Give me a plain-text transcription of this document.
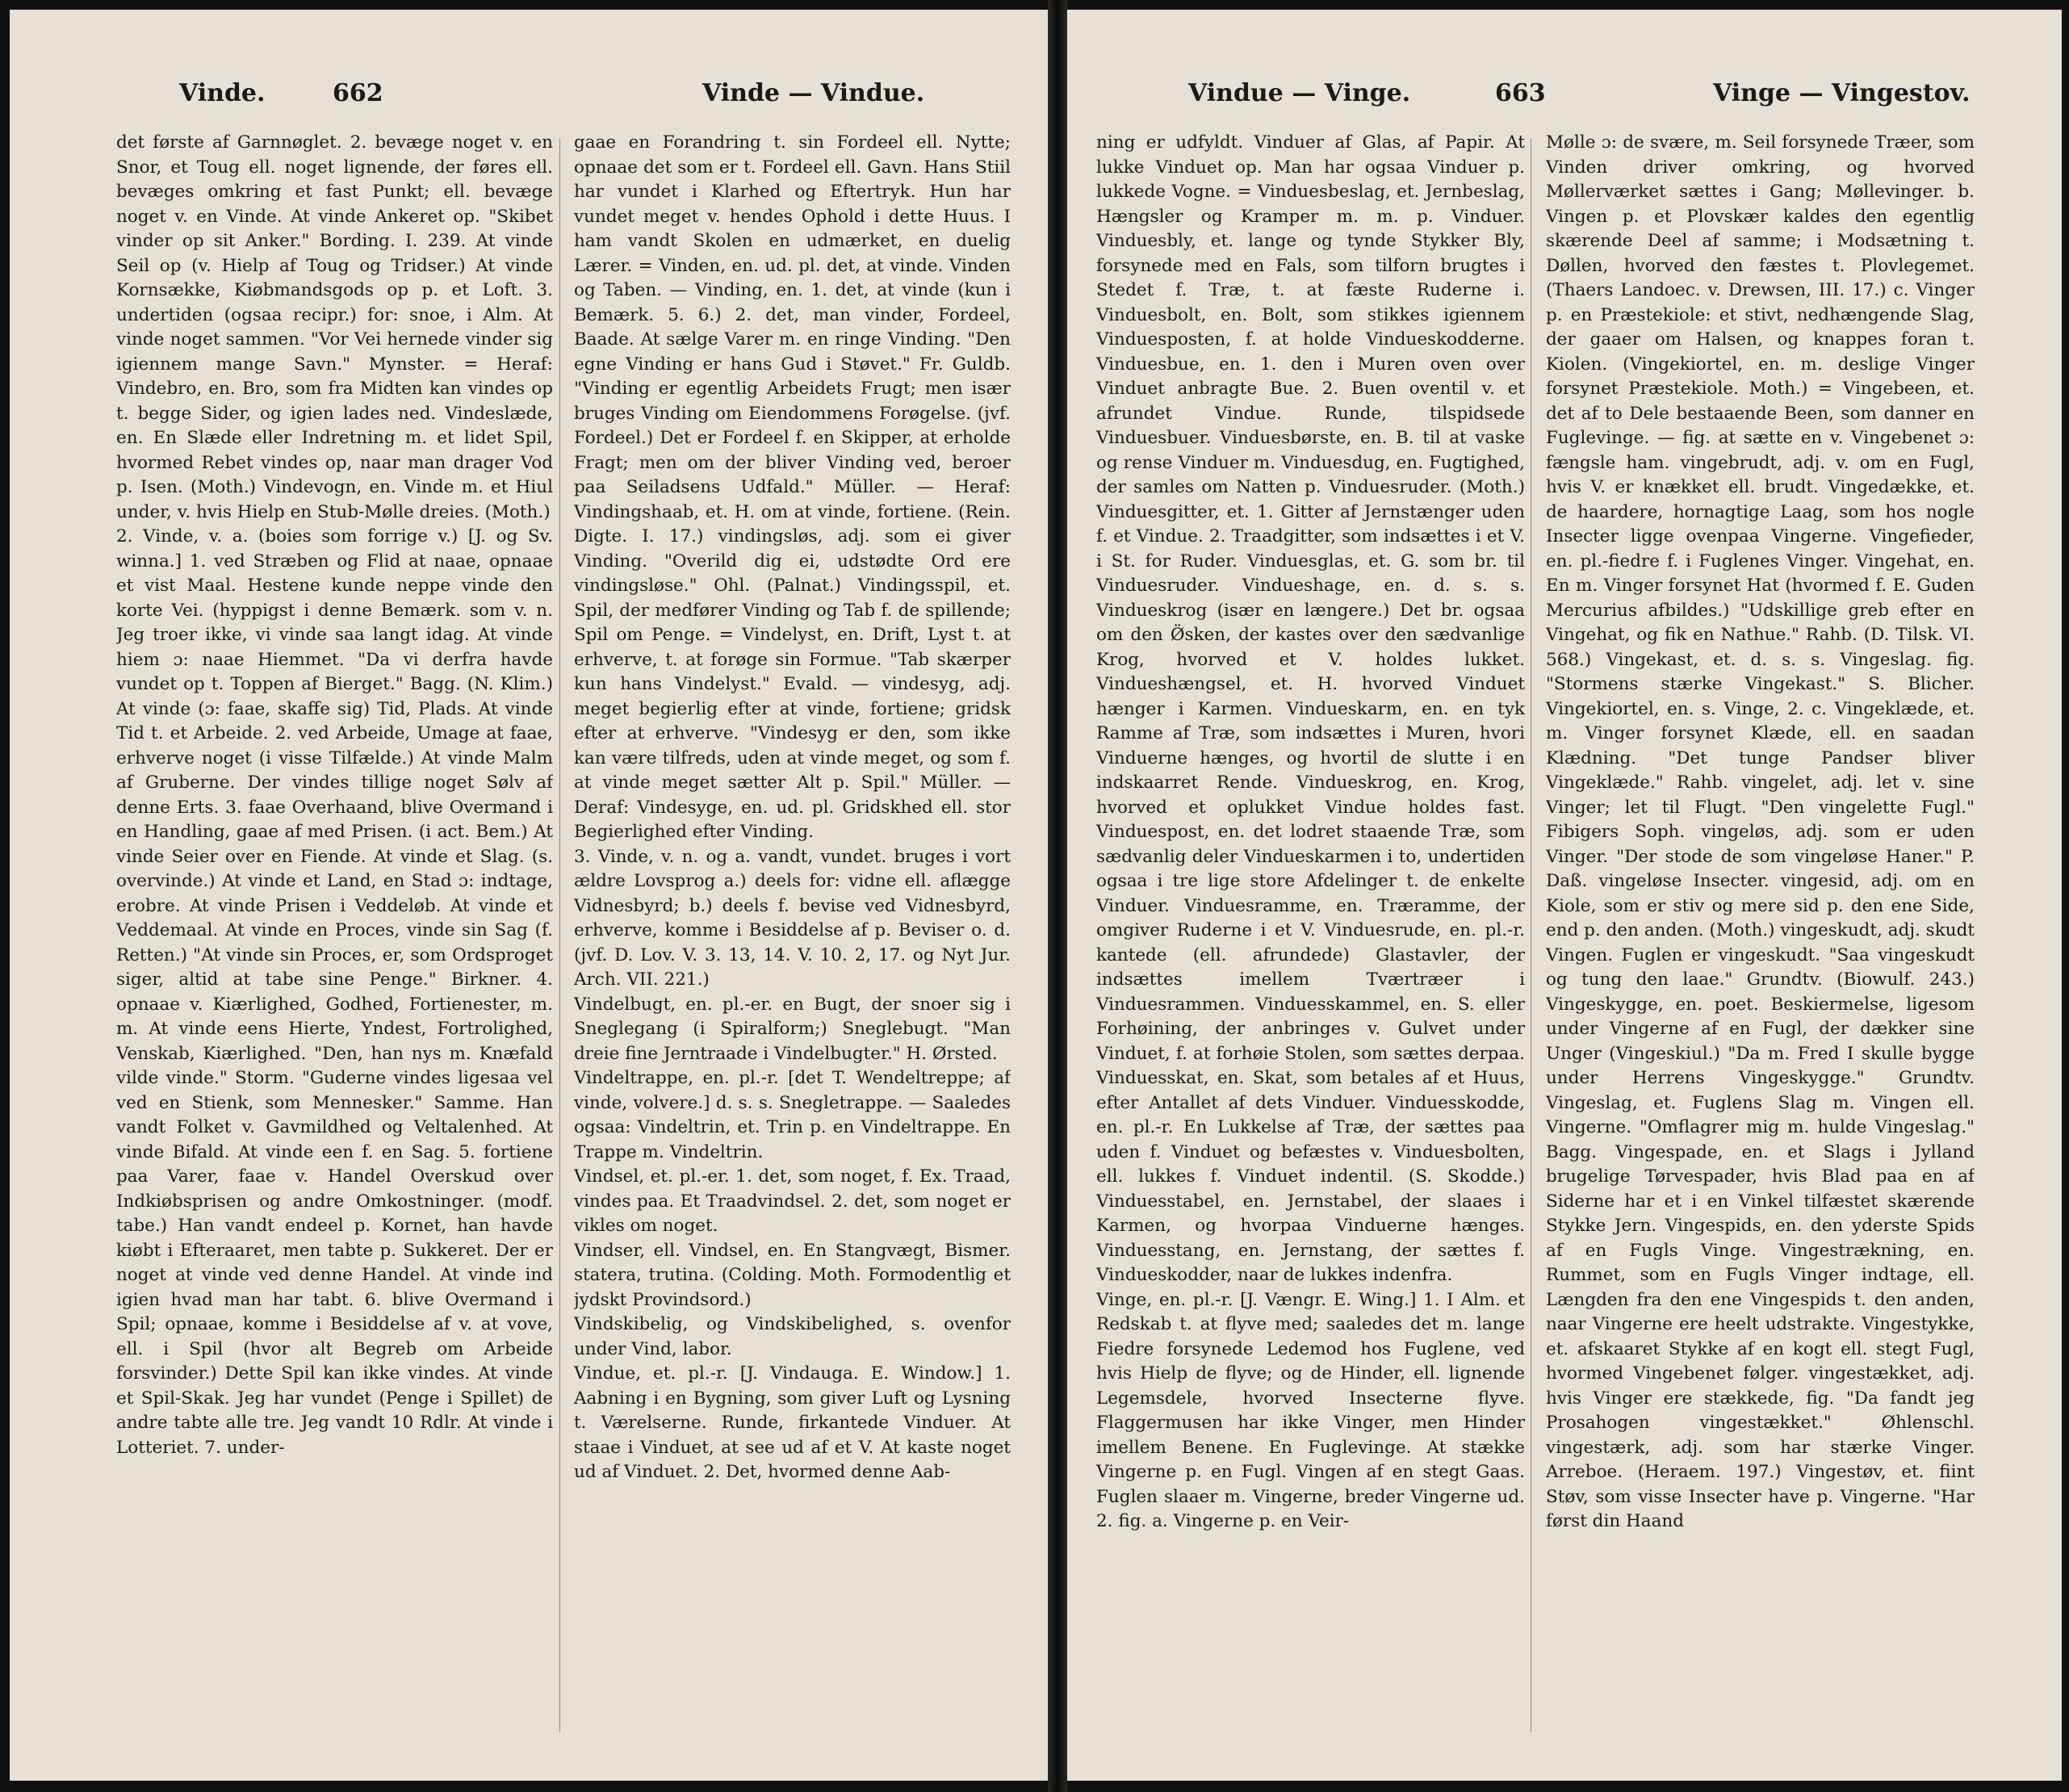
Vinde.	662	Vinde — Vindue.

det første af Garnnøglet. 2. bevæge noget v. en Snor, et Toug ell. noget lignende, der føres ell. bevæges omkring et fast Punkt; ell. bevæge noget v. en Vinde. At vinde Ankeret op. "Skibet vinder op sit Anker." Bording. I. 239. At vinde Seil op (v. Hielp af Toug og Tridser.) At vinde Kornsække, Kiøbmandsgods op p. et Loft. 3. undertiden (ogsaa recipr.) for: snoe, i Alm. At vinde noget sammen. "Vor Vei hernede vinder sig igiennem mange Savn." Mynster. = Heraf: Vindebro, en. Bro, som fra Midten kan vindes op t. begge Sider, og igien lades ned. Vindeslæde, en. En Slæde eller Indretning m. et lidet Spil, hvormed Rebet vindes op, naar man drager Vod p. Isen. (Moth.) Vindevogn, en. Vinde m. et Hiul under, v. hvis Hielp en Stub-Mølle dreies. (Moth.)

2. Vinde, v. a. (boies som forrige v.) [J. og Sv. winna.] 1. ved Stræben og Flid at naae, opnaae et vist Maal. Hestene kunde neppe vinde den korte Vei. (hyppigst i denne Bemærk. som v. n. Jeg troer ikke, vi vinde saa langt idag. At vinde hiem ɔ: naae Hiemmet. "Da vi derfra havde vundet op t. Toppen af Bierget." Bagg. (N. Klim.) At vinde (ɔ: faae, skaffe sig) Tid, Plads. At vinde Tid t. et Arbeide. 2. ved Arbeide, Umage at faae, erhverve noget (i visse Tilfælde.) At vinde Malm af Gruberne. Der vindes tillige noget Sølv af denne Erts. 3. faae Overhaand, blive Overmand i en Handling, gaae af med Prisen. (i act. Bem.) At vinde Seier over en Fiende. At vinde et Slag. (s. overvinde.) At vinde et Land, en Stad ɔ: indtage, erobre. At vinde Prisen i Veddeløb. At vinde et Veddemaal. At vinde en Proces, vinde sin Sag (f. Retten.) "At vinde sin Proces, er, som Ordsproget siger, altid at tabe sine Penge." Birkner. 4. opnaae v. Kiærlighed, Godhed, Fortienester, m. m. At vinde eens Hierte, Yndest, Fortrolighed, Venskab, Kiærlighed. "Den, han nys m. Knæfald vilde vinde." Storm. "Guderne vindes ligesaa vel ved en Stienk, som Mennesker." Samme. Han vandt Folket v. Gavmildhed og Veltalenhed. At vinde Bifald. At vinde een f. en Sag. 5. fortiene paa Varer, faae v. Handel Overskud over Indkiøbsprisen og andre Omkostninger. (modf. tabe.) Han vandt endeel p. Kornet, han havde kiøbt i Efteraaret, men tabte p. Sukkeret. Der er noget at vinde ved denne Handel. At vinde ind igien hvad man har tabt. 6. blive Overmand i Spil; opnaae, komme i Besiddelse af v. at vove, ell. i Spil (hvor alt Begreb om Arbeide forsvinder.) Dette Spil kan ikke vindes. At vinde et Spil-Skak. Jeg har vundet (Penge i Spillet) de andre tabte alle tre. Jeg vandt 10 Rdlr. At vinde i Lotteriet. 7. under-

gaae en Forandring t. sin Fordeel ell. Nytte; opnaae det som er t. Fordeel ell. Gavn. Hans Stiil har vundet i Klarhed og Eftertryk. Hun har vundet meget v. hendes Ophold i dette Huus. I ham vandt Skolen en udmærket, en duelig Lærer. = Vinden, en. ud. pl. det, at vinde. Vinden og Taben. — Vinding, en. 1. det, at vinde (kun i Bemærk. 5. 6.) 2. det, man vinder, Fordeel, Baade. At sælge Varer m. en ringe Vinding. "Den egne Vinding er hans Gud i Støvet." Fr. Guldb. "Vinding er egentlig Arbeidets Frugt; men især bruges Vinding om Eiendommens Forøgelse. (jvf. Fordeel.) Det er Fordeel f. en Skipper, at erholde Fragt; men om der bliver Vinding ved, beroer paa Seiladsens Udfald." Müller. — Heraf: Vindingshaab, et. H. om at vinde, fortiene. (Rein. Digte. I. 17.) vindingsløs, adj. som ei giver Vinding. "Overild dig ei, udstødte Ord ere vindingsløse." Ohl. (Palnat.) Vindingsspil, et. Spil, der medfører Vinding og Tab f. de spillende; Spil om Penge. = Vindelyst, en. Drift, Lyst t. at erhverve, t. at forøge sin Formue. "Tab skærper kun hans Vindelyst." Evald. — vindesyg, adj. meget begierlig efter at vinde, fortiene; gridsk efter at erhverve. "Vindesyg er den, som ikke kan være tilfreds, uden at vinde meget, og som f. at vinde meget sætter Alt p. Spil." Müller. — Deraf: Vindesyge, en. ud. pl. Gridskhed ell. stor Begierlighed efter Vinding.

3. Vinde, v. n. og a. vandt, vundet. bruges i vort ældre Lovsprog a.) deels for: vidne ell. aflægge Vidnesbyrd; b.) deels f. bevise ved Vidnesbyrd, erhverve, komme i Besiddelse af p. Beviser o. d. (jvf. D. Lov. V. 3. 13, 14. V. 10. 2, 17. og Nyt Jur. Arch. VII. 221.)

Vindelbugt, en. pl.-er. en Bugt, der snoer sig i Sneglegang (i Spiralform;) Sneglebugt. "Man dreie fine Jerntraade i Vindelbugter." H. Ørsted.

Vindeltrappe, en. pl.-r. [det T. Wendeltreppe; af vinde, volvere.] d. s. s. Snegletrappe. — Saaledes ogsaa: Vindeltrin, et. Trin p. en Vindeltrappe. En Trappe m. Vindeltrin.

Vindsel, et. pl.-er. 1. det, som noget, f. Ex. Traad, vindes paa. Et Traadvindsel. 2. det, som noget er vikles om noget.

Vindser, ell. Vindsel, en. En Stangvægt, Bismer. statera, trutina. (Colding. Moth. Formodentlig et jydskt Provindsord.)

Vindskibelig, og Vindskibelighed, s. ovenfor under Vind, labor.

Vindue, et. pl.-r. [J. Vindauga. E. Window.] 1. Aabning i en Bygning, som giver Luft og Lysning t. Værelserne. Runde, firkantede Vinduer. At staae i Vinduet, at see ud af et V. At kaste noget ud af Vinduet. 2. Det, hvormed denne Aab-

Vindue — Vinge.	663	Vinge — Vingestov.

ning er udfyldt. Vinduer af Glas, af Papir. At lukke Vinduet op. Man har ogsaa Vinduer p. lukkede Vogne. = Vinduesbeslag, et. Jernbeslag, Hængsler og Kramper m. m. p. Vinduer. Vinduesbly, et. lange og tynde Stykker Bly, forsynede med en Fals, som tilforn brugtes i Stedet f. Træ, t. at fæste Ruderne i. Vinduesbolt, en. Bolt, som stikkes igiennem Vinduesposten, f. at holde Vindueskodderne. Vinduesbue, en. 1. den i Muren oven over Vinduet anbragte Bue. 2. Buen oventil v. et afrundet Vindue. Runde, tilspidsede Vinduesbuer. Vinduesbørste, en. B. til at vaske og rense Vinduer m. Vinduesdug, en. Fugtighed, der samles om Natten p. Vinduesruder. (Moth.) Vinduesgitter, et. 1. Gitter af Jernstænger uden f. et Vindue. 2. Traadgitter, som indsættes i et V. i St. for Ruder. Vinduesglas, et. G. som br. til Vinduesruder. Vindueshage, en. d. s. s. Vindueskrog (især en længere.) Det br. ogsaa om den Ø̈sken, der kastes over den sædvanlige Krog, hvorved et V. holdes lukket. Vindueshængsel, et. H. hvorved Vinduet hænger i Karmen. Vindueskarm, en. en tyk Ramme af Træ, som indsættes i Muren, hvori Vinduerne hænges, og hvortil de slutte i en indskaarret Rende. Vindueskrog, en. Krog, hvorved et oplukket Vindue holdes fast. Vinduespost, en. det lodret staaende Træ, som sædvanlig deler Vindueskarmen i to, undertiden ogsaa i tre lige store Afdelinger t. de enkelte Vinduer. Vinduesramme, en. Træramme, der omgiver Ruderne i et V. Vinduesrude, en. pl.-r. kantede (ell. afrundede) Glastavler, der indsættes imellem Tværtræer i Vinduesrammen. Vinduesskammel, en. S. eller Forhøining, der anbringes v. Gulvet under Vinduet, f. at forhøie Stolen, som sættes derpaa. Vinduesskat, en. Skat, som betales af et Huus, efter Antallet af dets Vinduer. Vinduesskodde, en. pl.-r. En Lukkelse af Træ, der sættes paa uden f. Vinduet og befæstes v. Vinduesbolten, ell. lukkes f. Vinduet indentil. (S. Skodde.) Vinduesstabel, en. Jernstabel, der slaaes i Karmen, og hvorpaa Vinduerne hænges. Vinduesstang, en. Jernstang, der sættes f. Vindueskodder, naar de lukkes indenfra.

Vinge, en. pl.-r. [J. Vængr. E. Wing.] 1. I Alm. et Redskab t. at flyve med; saaledes det m. lange Fiedre forsynede Ledemod hos Fuglene, ved hvis Hielp de flyve; og de Hinder, ell. lignende Legemsdele, hvorved Insecterne flyve. Flaggermusen har ikke Vinger, men Hinder imellem Benene. En Fuglevinge. At stække Vingerne p. en Fugl. Vingen af en stegt Gaas. Fuglen slaaer m. Vingerne, breder Vingerne ud. 2. fig. a. Vingerne p. en Veir-

Mølle ɔ: de svære, m. Seil forsynede Træer, som Vinden driver omkring, og hvorved Møllerværket sættes i Gang; Møllevinger. b. Vingen p. et Plovskær kaldes den egentlig skærende Deel af samme; i Modsætning t. Døllen, hvorved den fæstes t. Plovlegemet. (Thaers Landoec. v. Drewsen, III. 17.) c. Vinger p. en Præstekiole: et stivt, nedhængende Slag, der gaaer om Halsen, og knappes foran t. Kiolen. (Vingekiortel, en. m. deslige Vinger forsynet Præstekiole. Moth.) = Vingebeen, et. det af to Dele bestaaende Been, som danner en Fuglevinge. — fig. at sætte en v. Vingebenet ɔ: fængsle ham. vingebrudt, adj. v. om en Fugl, hvis V. er knækket ell. brudt. Vingedække, et. de haardere, hornagtige Laag, som hos nogle Insecter ligge ovenpaa Vingerne. Vingefieder, en. pl.-fiedre f. i Fuglenes Vinger. Vingehat, en. En m. Vinger forsynet Hat (hvormed f. E. Guden Mercurius afbildes.) "Udskillige greb efter en Vingehat, og fik en Nathue." Rahb. (D. Tilsk. VI. 568.) Vingekast, et. d. s. s. Vingeslag. fig. "Stormens stærke Vingekast." S. Blicher. Vingekiortel, en. s. Vinge, 2. c. Vingeklæde, et. m. Vinger forsynet Klæde, ell. en saadan Klædning. "Det tunge Pandser bliver Vingeklæde." Rahb. vingelet, adj. let v. sine Vinger; let til Flugt. "Den vingelette Fugl." Fibigers Soph. vingeløs, adj. som er uden Vinger. "Der stode de som vingeløse Haner." P. Daß. vingeløse Insecter. vingesid, adj. om en Kiole, som er stiv og mere sid p. den ene Side, end p. den anden. (Moth.) vingeskudt, adj. skudt Vingen. Fuglen er vingeskudt. "Saa vingeskudt og tung den laae." Grundtv. (Biowulf. 243.) Vingeskygge, en. poet. Beskiermelse, ligesom under Vingerne af en Fugl, der dækker sine Unger (Vingeskiul.) "Da m. Fred I skulle bygge under Herrens Vingeskygge." Grundtv. Vingeslag, et. Fuglens Slag m. Vingen ell. Vingerne. "Omflagrer mig m. hulde Vingeslag." Bagg. Vingespade, en. et Slags i Jylland brugelige Tørvespader, hvis Blad paa en af Siderne har et i en Vinkel tilfæstet skærende Stykke Jern. Vingespids, en. den yderste Spids af en Fugls Vinge. Vingestrækning, en. Rummet, som en Fugls Vinger indtage, ell. Længden fra den ene Vingespids t. den anden, naar Vingerne ere heelt udstrakte. Vingestykke, et. afskaaret Stykke af en kogt ell. stegt Fugl, hvormed Vingebenet følger. vingestækket, adj. hvis Vinger ere stækkede, fig. "Da fandt jeg Prosahogen vingestækket." Øhlenschl. vingestærk, adj. som har stærke Vinger. Arreboe. (Heraem. 197.) Vingestøv, et. fiint Støv, som visse Insecter have p. Vingerne. "Har først din Haand
